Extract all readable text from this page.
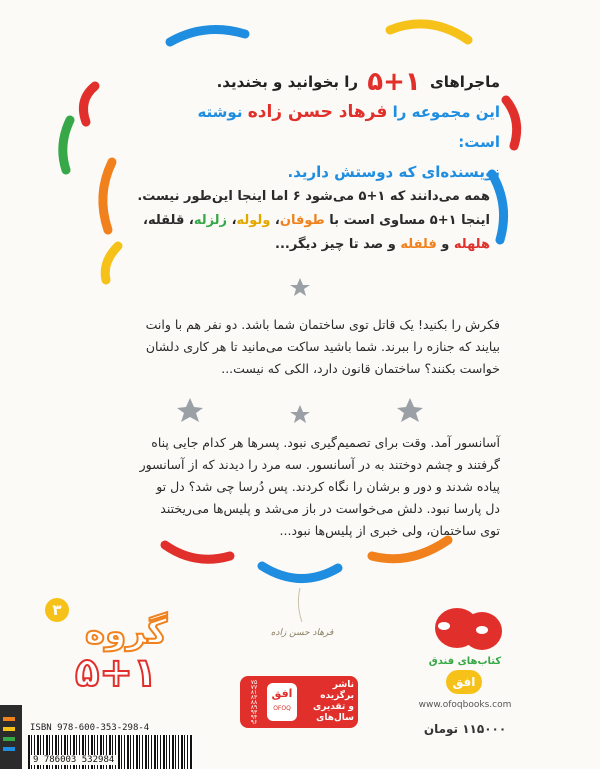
ماجراهای ۵+۱ را بخوانید و بخندید.
این مجموعه را فرهاد حسن زاده نوشته است:
نویسنده‌ای که دوستش دارید.
همه می‌دانند که ۱+۵ می‌شود ۶ اما اینجا این‌طور نیست.
اینجا ۱+۵ مساوی است با طوفان، ولوله، زلزله، قلقله،
هلهله و فلفله و صد تا چیز دیگر...
فکرش را بکنید! یک قاتل توی ساختمان شما باشد. دو نفر هم با وانت
بیایند که جنازه را ببرند. شما باشید ساکت می‌مانید تا هر کاری دلشان
خواست بکنند؟ ساختمان قانون دارد، الکی که نیست...
آسانسور آمد. وقت برای تصمیم‌گیری نبود. پسرها هر کدام جایی پناه
گرفتند و چشم دوختند به در آسانسور. سه مرد را دیدند که از آسانسور
پیاده شدند و دور و برشان را نگاه کردند. پس دُرسا چی شد؟ دل تو
دل پارسا نبود. دلش می‌خواست در باز می‌شد و پلیس‌ها می‌ریختند
توی ساختمان، ولی خبری از پلیس‌ها نبود...
۳
گروه
۵+۱
فرهاد حسن زاده
۷۵
۷۷
۸۱
۸۳
۸۸
۸۹
۹۳
۹۴
۹۶
افق
OFOQ
ناشر
برگزیده
و تقدیری
سال‌های
کتاب‌های فندق
افق
www.ofoqbooks.com
۱۱۵۰۰۰ تومان
ISBN 978-600-353-298-4
9 786003 532984
